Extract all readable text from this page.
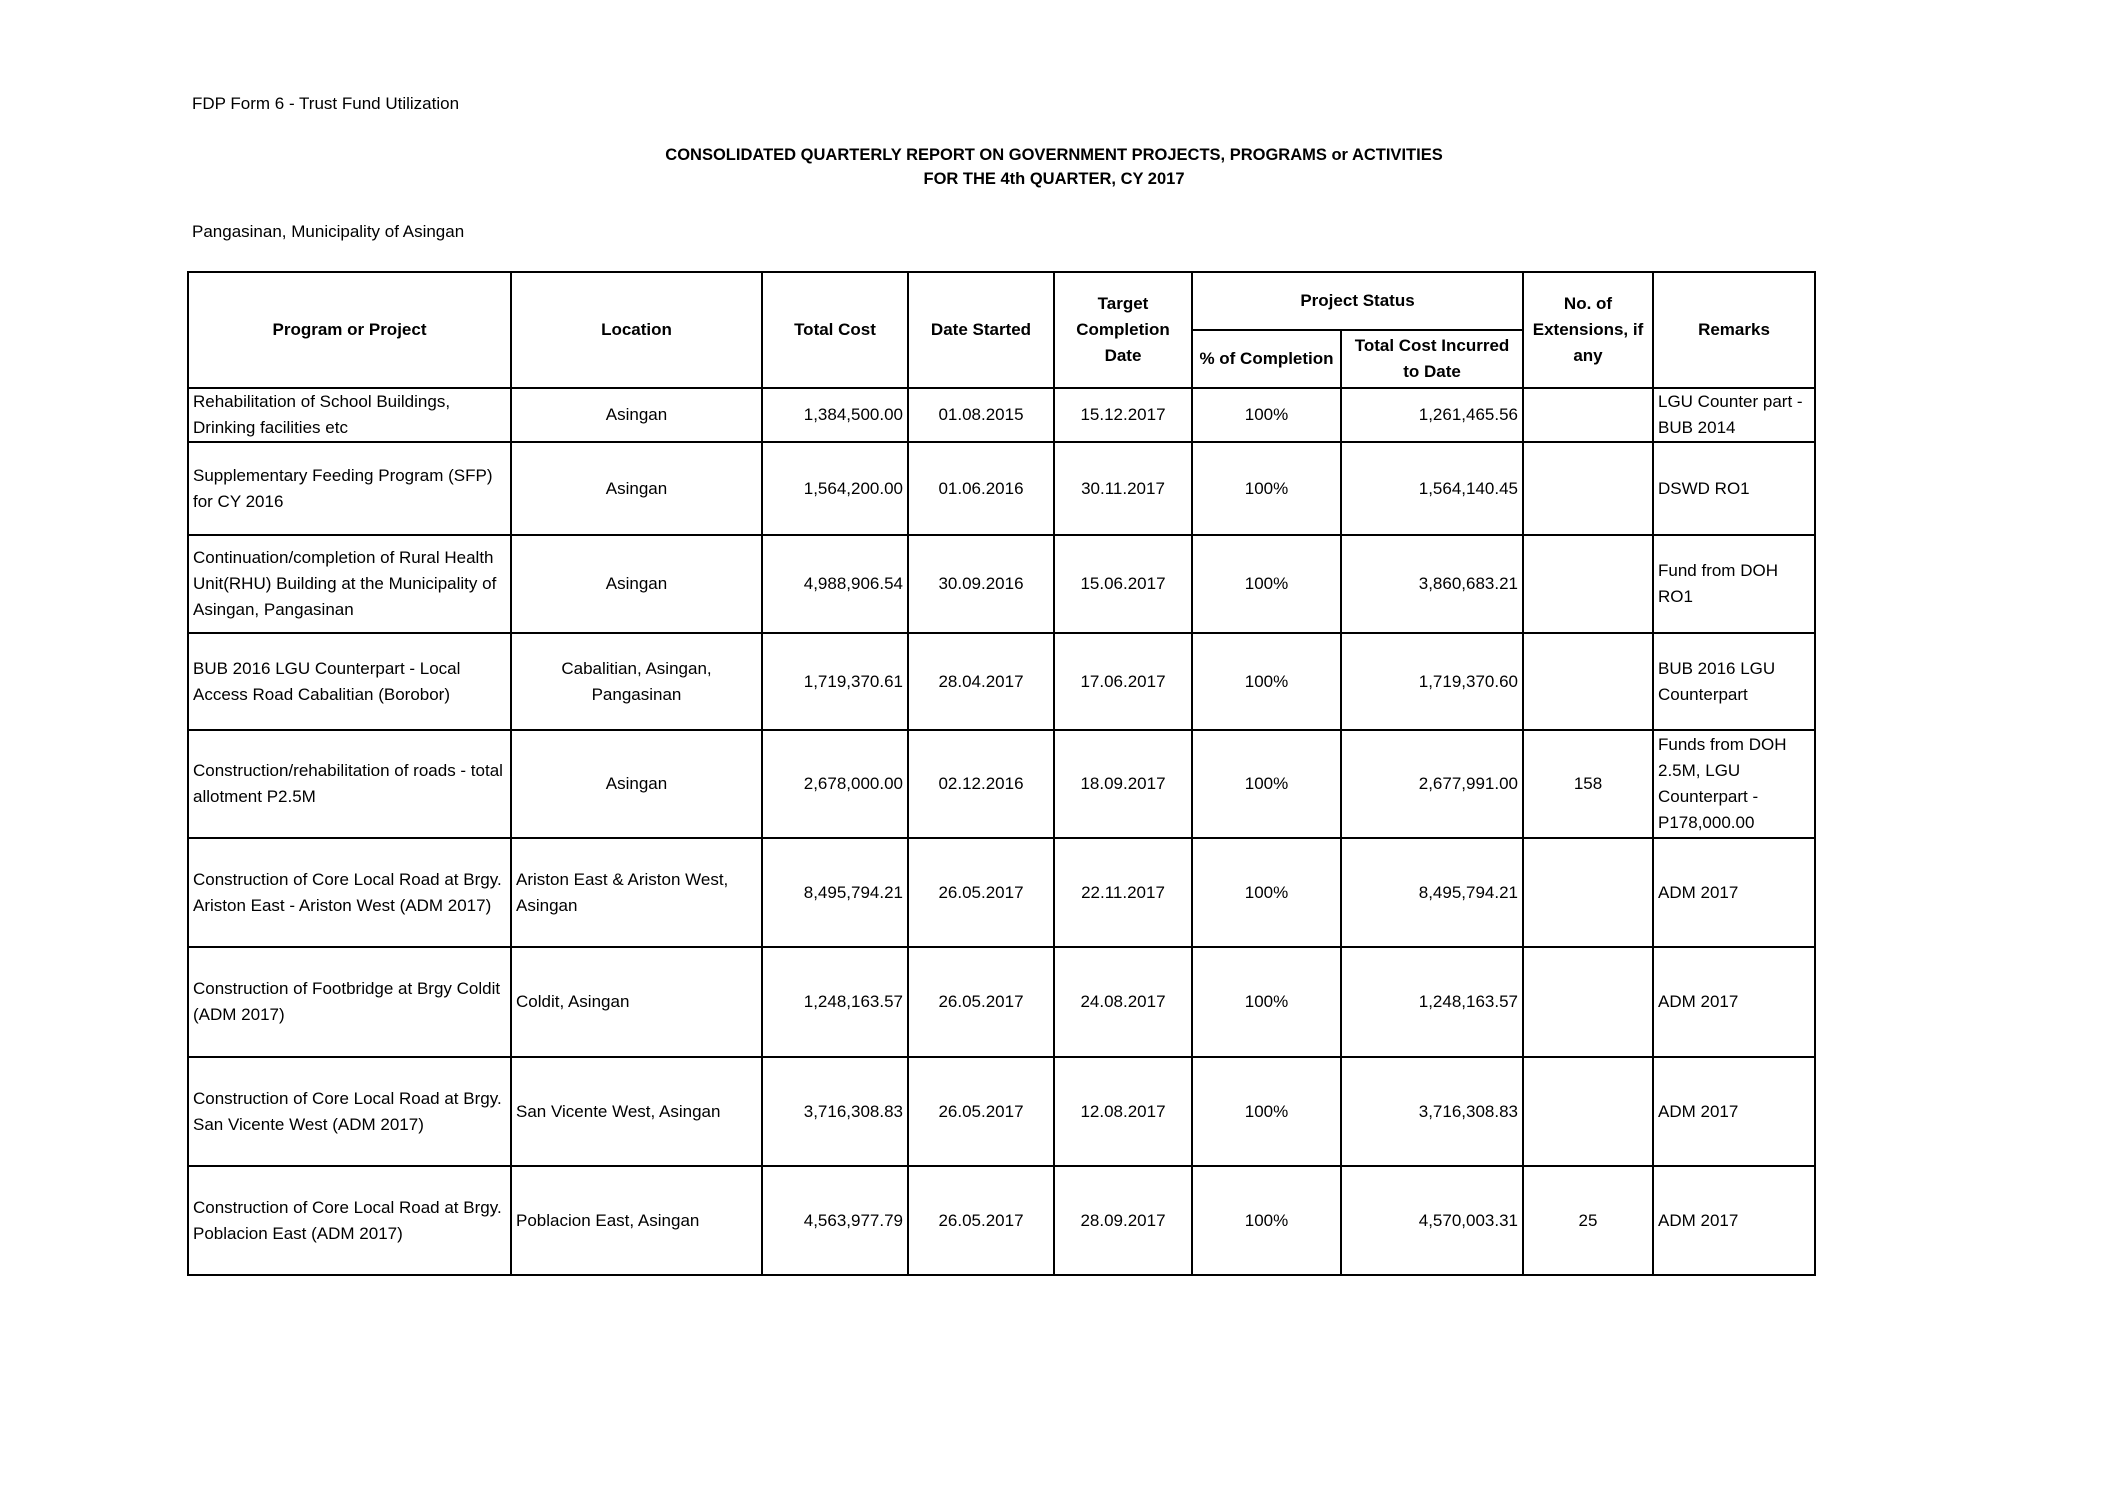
FDP Form 6 - Trust Fund Utilization
CONSOLIDATED QUARTERLY REPORT ON GOVERNMENT PROJECTS, PROGRAMS or ACTIVITIES
FOR THE 4th QUARTER, CY 2017
Pangasinan, Municipality of Asingan
Program or Project	Location	Total Cost	Date Started	Target Completion Date	Project Status		No. of Extensions, if any	Remarks
					% of Completion	Total Cost Incurred to Date		
Rehabilitation of School Buildings, Drinking facilities etc	Asingan	1,384,500.00	01.08.2015	15.12.2017	100%	1,261,465.56		LGU Counter part - BUB 2014
Supplementary Feeding Program (SFP) for CY 2016	Asingan	1,564,200.00	01.06.2016	30.11.2017	100%	1,564,140.45		DSWD RO1
Continuation/completion of Rural Health Unit(RHU) Building at the Municipality of Asingan, Pangasinan	Asingan	4,988,906.54	30.09.2016	15.06.2017	100%	3,860,683.21		Fund from DOH RO1
BUB 2016 LGU Counterpart - Local Access Road Cabalitian (Borobor)	Cabalitian, Asingan, Pangasinan	1,719,370.61	28.04.2017	17.06.2017	100%	1,719,370.60		BUB 2016 LGU Counterpart
Construction/rehabilitation of roads - total allotment P2.5M	Asingan	2,678,000.00	02.12.2016	18.09.2017	100%	2,677,991.00	158	Funds from DOH 2.5M, LGU Counterpart - P178,000.00
Construction of Core Local Road at Brgy. Ariston East - Ariston West (ADM 2017)	Ariston East & Ariston West, Asingan	8,495,794.21	26.05.2017	22.11.2017	100%	8,495,794.21		ADM 2017
Construction of Footbridge at Brgy Coldit (ADM 2017)	Coldit, Asingan	1,248,163.57	26.05.2017	24.08.2017	100%	1,248,163.57		ADM 2017
Construction of Core Local Road at Brgy. San Vicente West (ADM 2017)	San Vicente West, Asingan	3,716,308.83	26.05.2017	12.08.2017	100%	3,716,308.83		ADM 2017
Construction of Core Local Road at Brgy. Poblacion East (ADM 2017)	Poblacion East, Asingan	4,563,977.79	26.05.2017	28.09.2017	100%	4,570,003.31	25	ADM 2017
